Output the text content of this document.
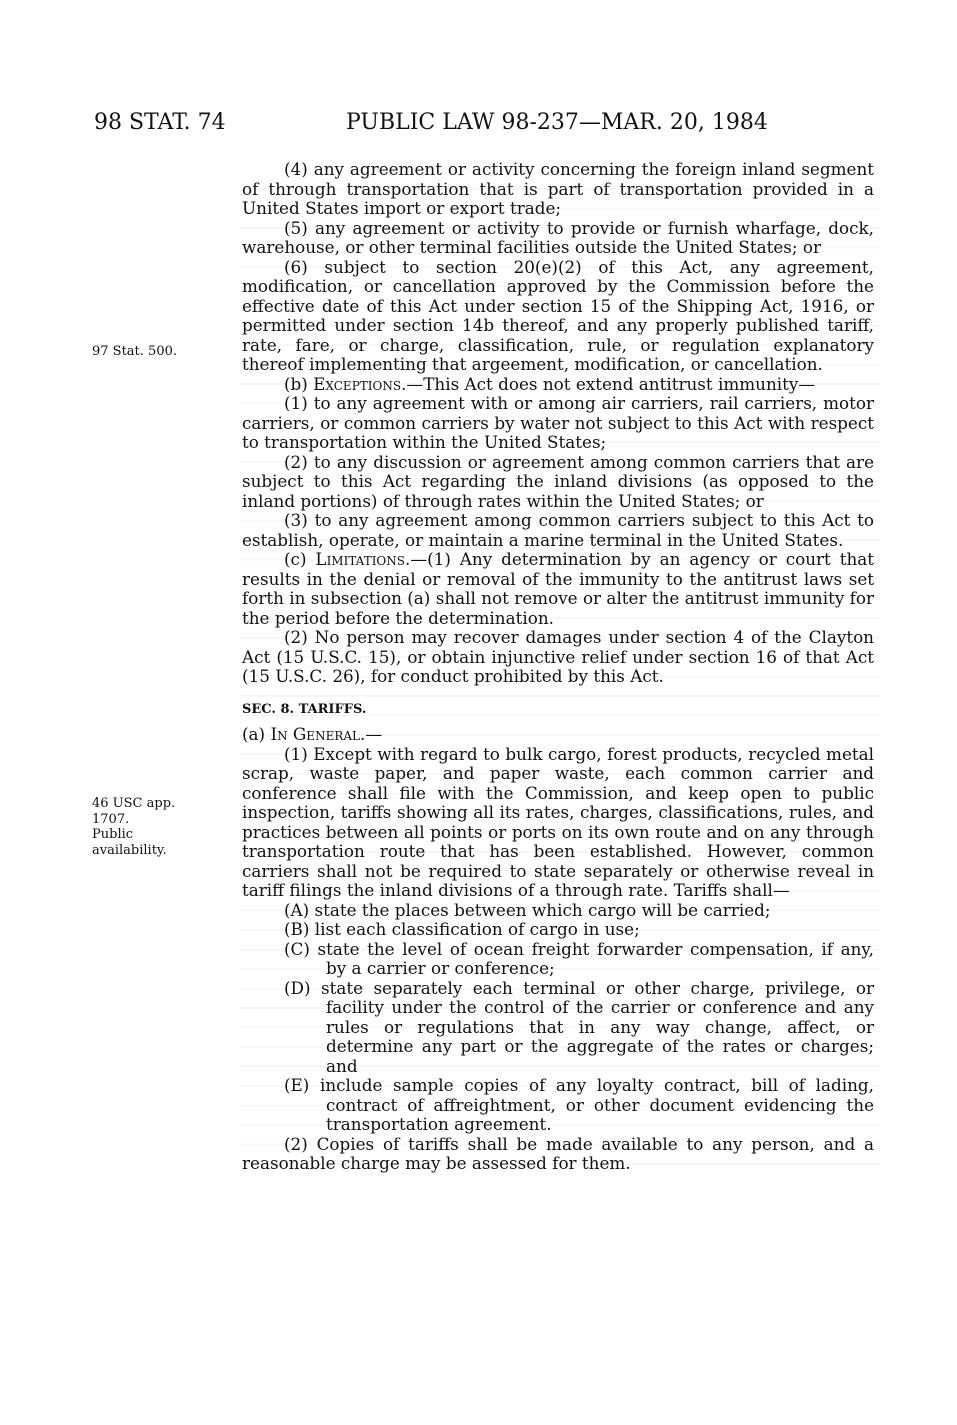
98 STAT. 74	PUBLIC LAW 98-237—MAR. 20, 1984
97 Stat. 500.
46 USC app.
1707.
Public
availability.

(4) any agreement or activity concerning the foreign inland segment of through transportation that is part of transportation provided in a United States import or export trade;

(5) any agreement or activity to provide or furnish wharfage, dock, warehouse, or other terminal facilities outside the United States; or

(6) subject to section 20(e)(2) of this Act, any agreement, modification, or cancellation approved by the Commission before the effective date of this Act under section 15 of the Shipping Act, 1916, or permitted under section 14b thereof, and any properly published tariff, rate, fare, or charge, classification, rule, or regulation explanatory thereof implementing that argeement, modification, or cancellation.

(b) Exceptions.—This Act does not extend antitrust immunity—

(1) to any agreement with or among air carriers, rail carriers, motor carriers, or common carriers by water not subject to this Act with respect to transportation within the United States;

(2) to any discussion or agreement among common carriers that are subject to this Act regarding the inland divisions (as opposed to the inland portions) of through rates within the United States; or

(3) to any agreement among common carriers subject to this Act to establish, operate, or maintain a marine terminal in the United States.

(c) Limitations.—(1) Any determination by an agency or court that results in the denial or removal of the immunity to the antitrust laws set forth in subsection (a) shall not remove or alter the antitrust immunity for the period before the determination.

(2) No person may recover damages under section 4 of the Clayton Act (15 U.S.C. 15), or obtain injunctive relief under section 16 of that Act (15 U.S.C. 26), for conduct prohibited by this Act.

SEC. 8. TARIFFS.

(a) In General.—

(1) Except with regard to bulk cargo, forest products, recycled metal scrap, waste paper, and paper waste, each common carrier and conference shall file with the Commission, and keep open to public inspection, tariffs showing all its rates, charges, classifications, rules, and practices between all points or ports on its own route and on any through transportation route that has been established. However, common carriers shall not be required to state separately or otherwise reveal in tariff filings the inland divisions of a through rate. Tariffs shall—

(A) state the places between which cargo will be carried;

(B) list each classification of cargo in use;

(C) state the level of ocean freight forwarder compensation, if any, by a carrier or conference;

(D) state separately each terminal or other charge, privilege, or facility under the control of the carrier or conference and any rules or regulations that in any way change, affect, or determine any part or the aggregate of the rates or charges; and

(E) include sample copies of any loyalty contract, bill of lading, contract of affreightment, or other document evidencing the transportation agreement.

(2) Copies of tariffs shall be made available to any person, and a reasonable charge may be assessed for them.
